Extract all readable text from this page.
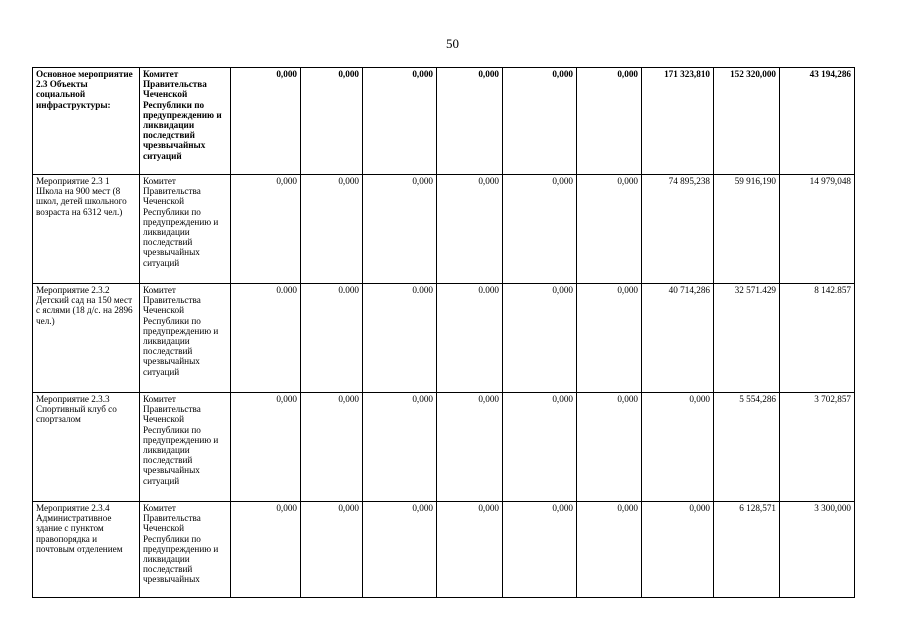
50
Основное мероприятие 2.3 Объекты социальной инфраструктуры:	Комитет Правительства Чеченской Республики по предупреждению и ликвидации последствий чрезвычайных ситуаций	0,000	0,000	0,000	0,000	0,000	0,000	171 323,810	152 320,000	43 194,286
Мероприятие 2.3 1 Школа на 900 мест (8 школ, детей школьного возраста на 6312 чел.)	Комитет Правительства Чеченской Республики по предупреждению и ликвидации последствий чрезвычайных ситуаций	0,000	0,000	0,000	0,000	0,000	0,000	74 895,238	59 916,190	14 979,048
Мероприятие 2.3.2 Детский сад на 150 мест с яслями (18 д/с. на 2896 чел.)	Комитет Правительства Чеченской Республики по предупреждению и ликвидации последствий чрезвычайных ситуаций	0.000	0.000	0.000	0.000	0,000	0,000	40 714,286	32 571.429	8 142.857
Мероприятие 2.3.3 Спортивный клуб со спортзалом	Комитет Правительства Чеченской Республики по предупреждению и ликвидации последствий чрезвычайных ситуаций	0,000	0,000	0,000	0,000	0,000	0,000	0,000	5 554,286	3 702,857
Мероприятие 2.3.4 Административное здание с пунктом правопорядка и почтовым отделением	Комитет Правительства Чеченской Республики по предупреждению и ликвидации последствий чрезвычайных	0,000	0,000	0,000	0,000	0,000	0,000	0,000	6 128,571	3 300,000
